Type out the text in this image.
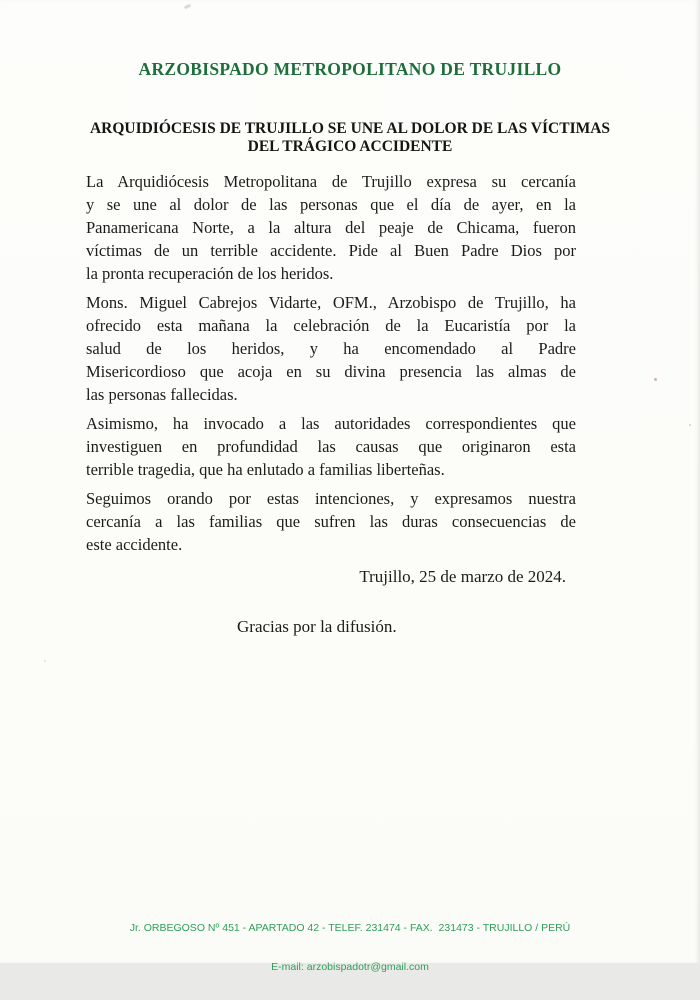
ARZOBISPADO METROPOLITANO DE TRUJILLO
ARQUIDIÓCESIS DE TRUJILLO SE UNE AL DOLOR DE LAS VÍCTIMAS
DEL TRÁGICO ACCIDENTE
La Arquidiócesis Metropolitana de Trujillo expresa su cercanía
y se une al dolor de las personas que el día de ayer, en la
Panamericana Norte, a la altura del peaje de Chicama, fueron
víctimas de un terrible accidente. Pide al Buen Padre Dios por
la pronta recuperación de los heridos.
Mons. Miguel Cabrejos Vidarte, OFM., Arzobispo de Trujillo, ha
ofrecido esta mañana la celebración de la Eucaristía por la
salud de los heridos, y ha encomendado al Padre
Misericordioso que acoja en su divina presencia las almas de
las personas fallecidas.
Asimismo, ha invocado a las autoridades correspondientes que
investiguen en profundidad las causas que originaron esta
terrible tragedia, que ha enlutado a familias liberteñas.
Seguimos orando por estas intenciones, y expresamos nuestra
cercanía a las familias que sufren las duras consecuencias de
este accidente.
Trujillo, 25 de marzo de 2024.
Gracias por la difusión.

Jr. ORBEGOSO Nº 451 - APARTADO 42 - TELEF. 231474 - FAX.  231473 - TRUJILLO / PERÚ

E-mail: arzobispadotr@gmail.com
